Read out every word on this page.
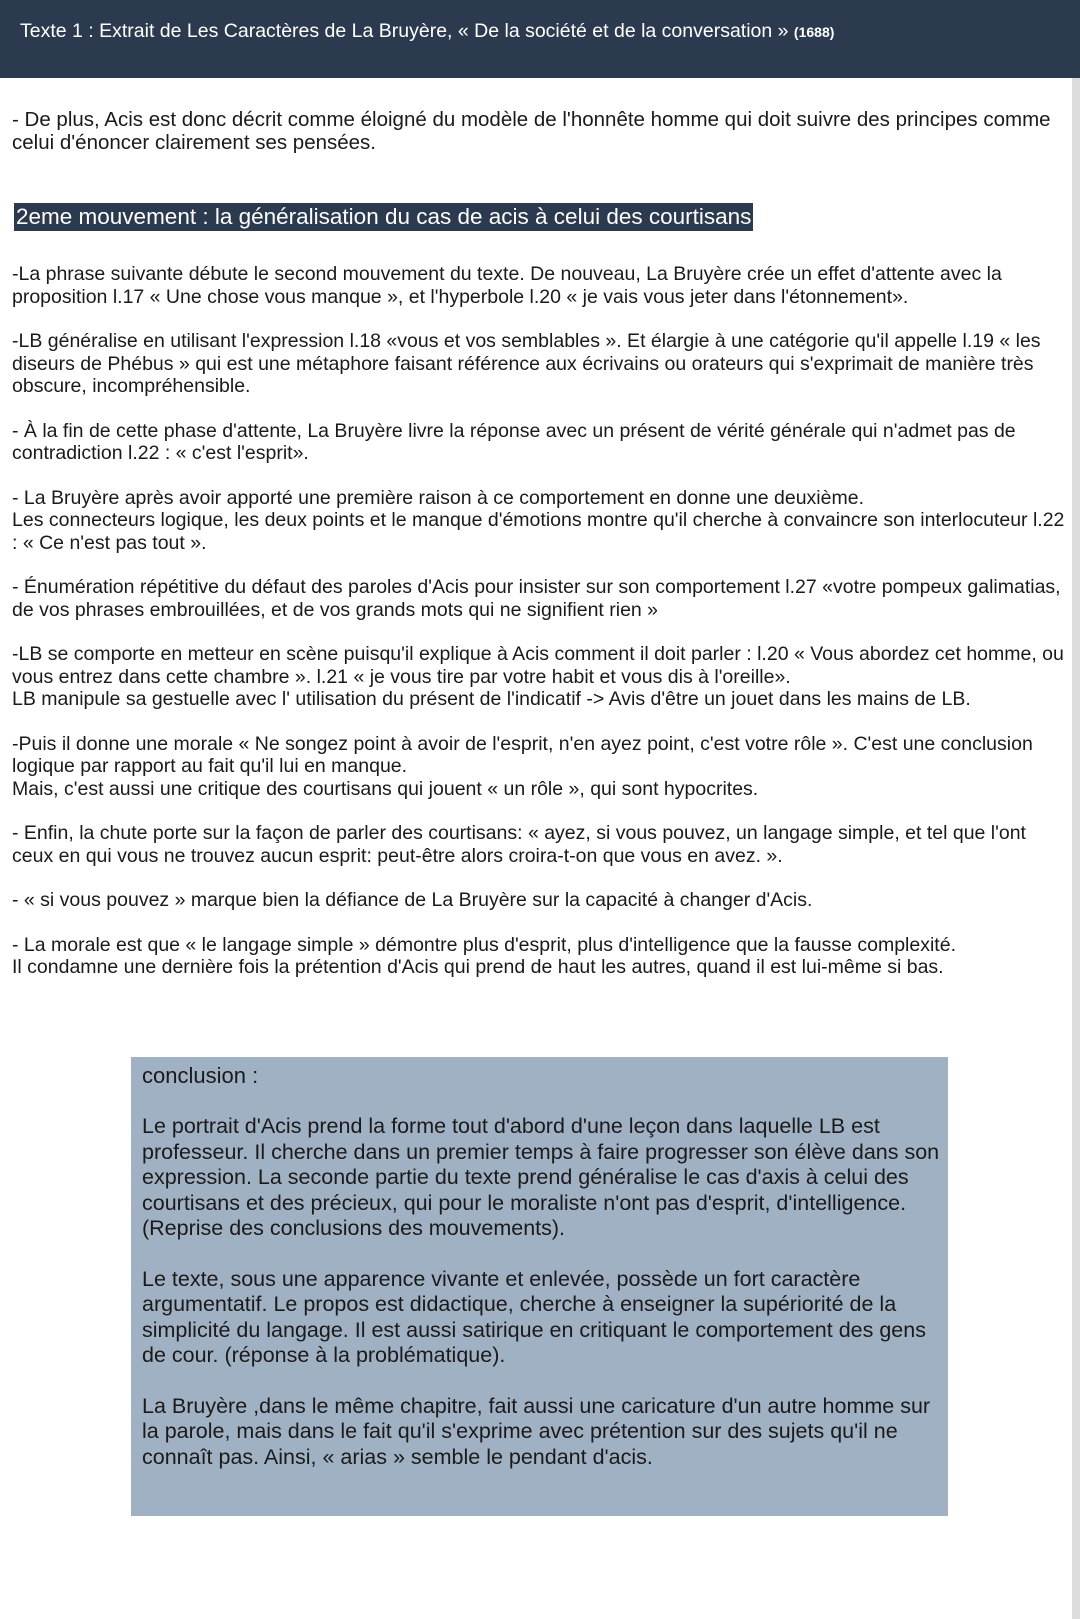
Texte 1 : Extrait de Les Caractères de La Bruyère, « De la société et de la conversation » (1688)

- De plus, Acis est donc décrit comme éloigné du modèle de l'honnête homme qui doit suivre des principes comme celui d'énoncer clairement ses pensées.

2eme mouvement : la généralisation du cas de acis à celui des courtisans

-La phrase suivante débute le second mouvement du texte. De nouveau, La Bruyère crée un effet d'attente avec la proposition l.17 « Une chose vous manque », et l'hyperbole l.20 « je vais vous jeter dans l'étonnement».

-LB généralise en utilisant l'expression l.18 «vous et vos semblables ». Et élargie à une catégorie qu'il appelle l.19 « les diseurs de Phébus » qui est une métaphore faisant référence aux écrivains ou orateurs qui s'exprimait de manière très obscure, incompréhensible.

- À la fin de cette phase d'attente, La Bruyère livre la réponse avec un présent de vérité générale qui n'admet pas de contradiction l.22 : « c'est l'esprit».

- La Bruyère après avoir apporté une première raison à ce comportement en donne une deuxième.
Les connecteurs logique, les deux points et le manque d'émotions montre qu'il cherche à convaincre son interlocuteur l.22 : « Ce n'est pas tout ».

- Énumération répétitive du défaut des paroles d'Acis pour insister sur son comportement l.27 «votre pompeux galimatias, de vos phrases embrouillées, et de vos grands mots qui ne signifient rien »

-LB se comporte en metteur en scène puisqu'il explique à Acis comment il doit parler : l.20 « Vous abordez cet homme, ou vous entrez dans cette chambre ». l.21 « je vous tire par votre habit et vous dis à l'oreille».
LB manipule sa gestuelle avec l' utilisation du présent de l'indicatif -> Avis d'être un jouet dans les mains de LB.

-Puis il donne une morale « Ne songez point à avoir de l'esprit, n'en ayez point, c'est votre rôle ». C'est une conclusion logique par rapport au fait qu'il lui en manque.
Mais, c'est aussi une critique des courtisans qui jouent « un rôle », qui sont hypocrites.

- Enfin, la chute porte sur la façon de parler des courtisans: « ayez, si vous pouvez, un langage simple, et tel que l'ont ceux en qui vous ne trouvez aucun esprit: peut-être alors croira-t-on que vous en avez. ».

- « si vous pouvez » marque bien la défiance de La Bruyère sur la capacité à changer d'Acis.

- La morale est que « le langage simple » démontre plus d'esprit, plus d'intelligence que la fausse complexité.
Il condamne une dernière fois la prétention d'Acis qui prend de haut les autres, quand il est lui-même si bas.

conclusion :

Le portrait d'Acis prend la forme tout d'abord d'une leçon dans laquelle LB est professeur. Il cherche dans un premier temps à faire progresser son élève dans son expression. La seconde partie du texte prend généralise le cas d'axis à celui des courtisans et des précieux, qui pour le moraliste n'ont pas d'esprit, d'intelligence. (Reprise des conclusions des mouvements).

Le texte, sous une apparence vivante et enlevée, possède un fort caractère argumentatif. Le propos est didactique, cherche à enseigner la supériorité de la simplicité du langage. Il est aussi satirique en critiquant le comportement des gens de cour. (réponse à la problématique).

La Bruyère ,dans le même chapitre, fait aussi une caricature d'un autre homme sur la parole, mais dans le fait qu'il s'exprime avec prétention sur des sujets qu'il ne connaît pas. Ainsi, « arias » semble le pendant d'acis.
